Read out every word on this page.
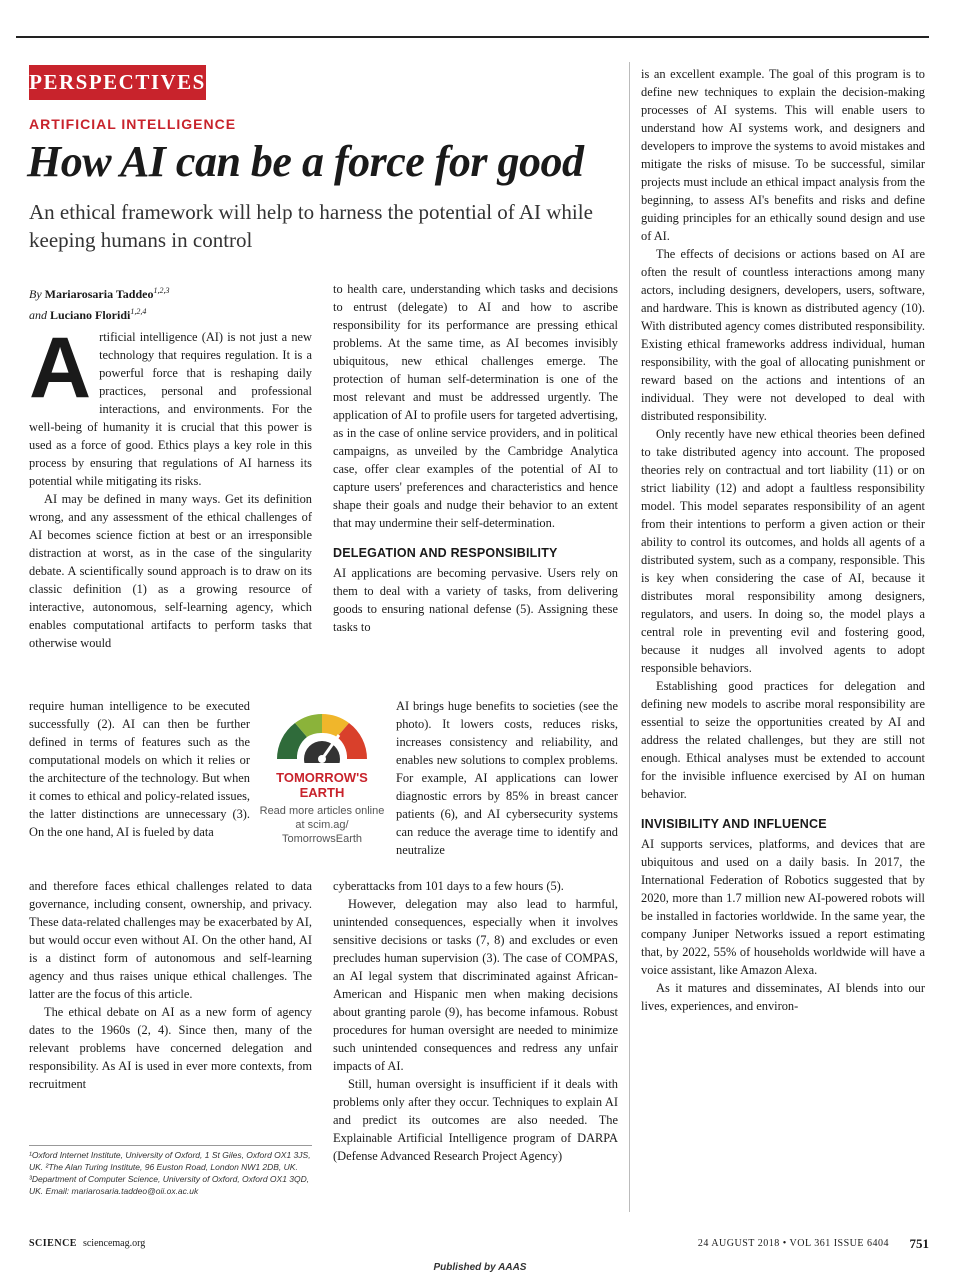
PERSPECTIVES
ARTIFICIAL INTELLIGENCE
How AI can be a force for good
An ethical framework will help to harness the potential of AI while keeping humans in control
By Mariarosaria Taddeo$^{1,2,3}$
and Luciano Floridi$^{1,2,4}$

Artificial intelligence (AI) is not just a new technology that requires regulation. It is a powerful force that is reshaping daily practices, personal and professional interactions, and environments. For the well-being of humanity it is crucial that this power is used as a force of good. Ethics plays a key role in this process by ensuring that regulations of AI harness its potential while mitigating its risks.

AI may be defined in many ways. Get its definition wrong, and any assessment of the ethical challenges of AI becomes science fiction at best or an irresponsible distraction at worst, as in the case of the singularity debate. A scientifically sound approach is to draw on its classic definition (1) as a growing resource of interactive, autonomous, self-learning agency, which enables computational artifacts to perform tasks that otherwise would

require human intelligence to be executed successfully (2). AI can then be further defined in terms of features such as the computational models on which it relies or the architecture of the technology. But when it comes to ethical and policy-related issues, the latter distinctions are unnecessary (3). On the one hand, AI is fueled by data

and therefore faces ethical challenges related to data governance, including consent, ownership, and privacy. These data-related challenges may be exacerbated by AI, but would occur even without AI. On the other hand, AI is a distinct form of autonomous and self-learning agency and thus raises unique ethical challenges. The latter are the focus of this article.

The ethical debate on AI as a new form of agency dates to the 1960s (2, 4). Since then, many of the relevant problems have concerned delegation and responsibility. As AI is used in ever more contexts, from recruitment

TOMORROW'S
EARTH
Read more articles online at scim.ag/ TomorrowsEarth

to health care, understanding which tasks and decisions to entrust (delegate) to AI and how to ascribe responsibility for its performance are pressing ethical problems. At the same time, as AI becomes invisibly ubiquitous, new ethical challenges emerge. The protection of human self-determination is one of the most relevant and must be addressed urgently. The application of AI to profile users for targeted advertising, as in the case of online service providers, and in political campaigns, as unveiled by the Cambridge Analytica case, offer clear examples of the potential of AI to capture users' preferences and characteristics and hence shape their goals and nudge their behavior to an extent that may undermine their self-determination.

DELEGATION AND RESPONSIBILITY

AI applications are becoming pervasive. Users rely on them to deal with a variety of tasks, from delivering goods to ensuring national defense (5). Assigning these tasks to

AI brings huge benefits to societies (see the photo). It lowers costs, reduces risks, increases consistency and reliability, and enables new solutions to complex problems. For example, AI applications can lower diagnostic errors by 85% in breast cancer patients (6), and AI cybersecurity systems can reduce the average time to identify and neutralize

cyberattacks from 101 days to a few hours (5).

However, delegation may also lead to harmful, unintended consequences, especially when it involves sensitive decisions or tasks (7, 8) and excludes or even precludes human supervision (3). The case of COMPAS, an AI legal system that discriminated against African-American and Hispanic men when making decisions about granting parole (9), has become infamous. Robust procedures for human oversight are needed to minimize such unintended consequences and redress any unfair impacts of AI.

Still, human oversight is insufficient if it deals with problems only after they occur. Techniques to explain AI and predict its outcomes are also needed. The Explainable Artificial Intelligence program of DARPA (Defense Advanced Research Project Agency)

is an excellent example. The goal of this program is to define new techniques to explain the decision-making processes of AI systems. This will enable users to understand how AI systems work, and designers and developers to improve the systems to avoid mistakes and mitigate the risks of misuse. To be successful, similar projects must include an ethical impact analysis from the beginning, to assess AI's benefits and risks and define guiding principles for an ethically sound design and use of AI.

The effects of decisions or actions based on AI are often the result of countless interactions among many actors, including designers, developers, users, software, and hardware. This is known as distributed agency (10). With distributed agency comes distributed responsibility. Existing ethical frameworks address individual, human responsibility, with the goal of allocating punishment or reward based on the actions and intentions of an individual. They were not developed to deal with distributed responsibility.

Only recently have new ethical theories been defined to take distributed agency into account. The proposed theories rely on contractual and tort liability (11) or on strict liability (12) and adopt a faultless responsibility model. This model separates responsibility of an agent from their intentions to perform a given action or their ability to control its outcomes, and holds all agents of a distributed system, such as a company, responsible. This is key when considering the case of AI, because it distributes moral responsibility among designers, regulators, and users. In doing so, the model plays a central role in preventing evil and fostering good, because it nudges all involved agents to adopt responsible behaviors.

Establishing good practices for delegation and defining new models to ascribe moral responsibility are essential to seize the opportunities created by AI and address the related challenges, but they are still not enough. Ethical analyses must be extended to account for the invisible influence exercised by AI on human behavior.

INVISIBILITY AND INFLUENCE

AI supports services, platforms, and devices that are ubiquitous and used on a daily basis. In 2017, the International Federation of Robotics suggested that by 2020, more than 1.7 million new AI-powered robots will be installed in factories worldwide. In the same year, the company Juniper Networks issued a report estimating that, by 2022, 55% of households worldwide will have a voice assistant, like Amazon Alexa.

As it matures and disseminates, AI blends into our lives, experiences, and environ-

¹Oxford Internet Institute, University of Oxford, 1 St Giles, Oxford OX1 3JS, UK. ²The Alan Turing Institute, 96 Euston Road, London NW1 2DB, UK. ³Department of Computer Science, University of Oxford, Oxford OX1 3QD, UK. Email: mariarosaria.taddeo@oii.ox.ac.uk
SCIENCE sciencemag.org	24 AUGUST 2018 • VOL 361 ISSUE 6404 751
Published by AAAS
